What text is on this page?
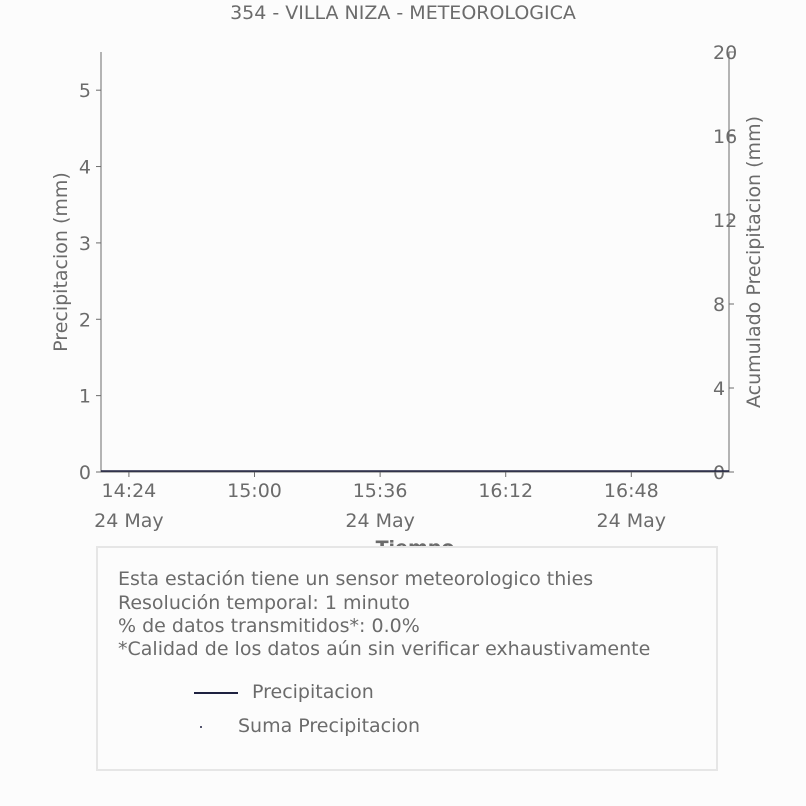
354 - VILLA NIZA - METEOROLOGICA
0
1
2
3
4
5
0
4
8
12
16
20
14:24	15:00	15:36	16:12	16:48
24 May	24 May	24 May
Precipitacion (mm)	Acumulado Precipitacion (mm)
Esta estación tiene un sensor meteorologico thies
Resolución temporal: 1 minuto
% de datos transmitidos*: 0.0%
*Calidad de los datos aún sin verificar exhaustivamente
Precipitacion
Suma Precipitacion
